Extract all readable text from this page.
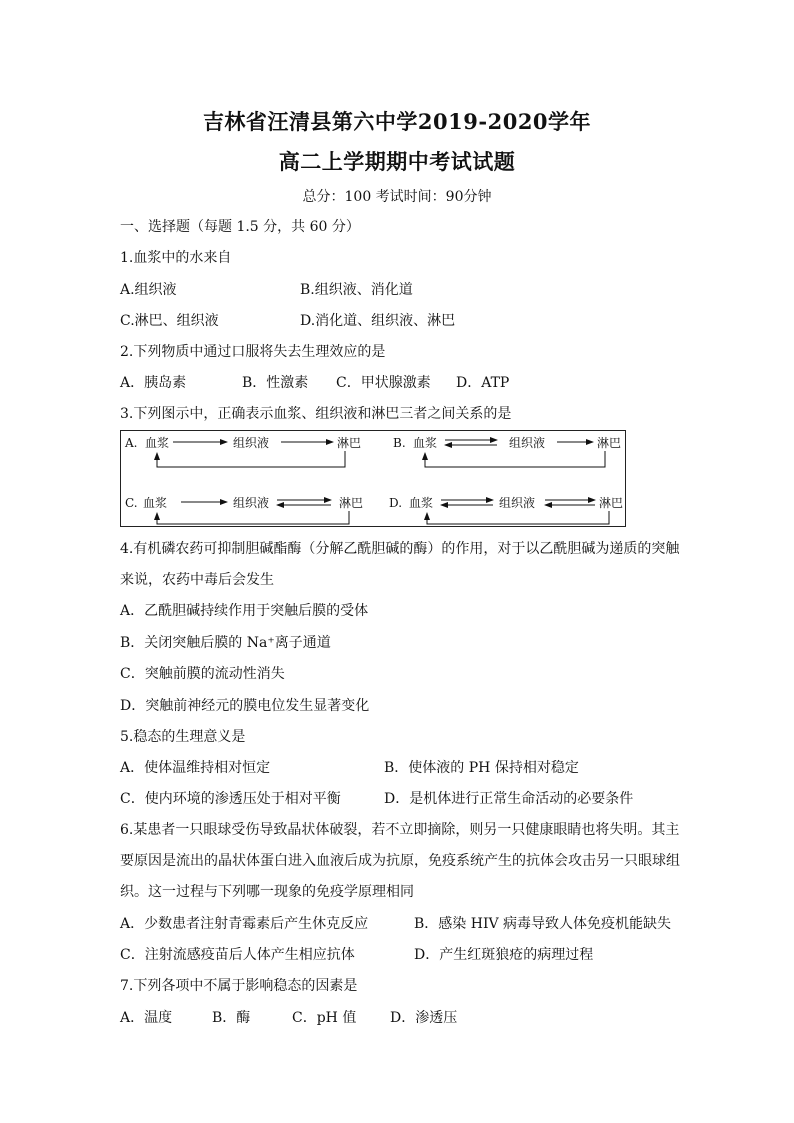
吉林省汪清县第六中学2019-2020学年
高二上学期期中考试试题
总分：100 考试时间：90分钟
一、选择题（每题 1.5 分，共 60 分）
1.血浆中的水来自
A.组织液	B.组织液、消化道
C.淋巴、组织液	D.消化道、组织液、淋巴
2.下列物质中通过口服将失去生理效应的是
A．胰岛素	B．性激素 C．甲状腺激素 D．ATP
3.下列图示中，正确表示血浆、组织液和淋巴三者之间关系的是
A. 血浆	组织液	淋巴	B. 血浆	组织液	淋巴
C. 血浆	组织液	淋巴 D. 血浆	组织液	淋巴
4.有机磷农药可抑制胆碱酯酶（分解乙酰胆碱的酶）的作用，对于以乙酰胆碱为递质的突触
来说，农药中毒后会发生
A．乙酰胆碱持续作用于突触后膜的受体
B．关闭突触后膜的 Na⁺离子通道
C．突触前膜的流动性消失
D．突触前神经元的膜电位发生显著变化
5.稳态的生理意义是
A．使体温维持相对恒定	B．使体液的 PH 保持相对稳定
C．使内环境的渗透压处于相对平衡	D．是机体进行正常生命活动的必要条件
6.某患者一只眼球受伤导致晶状体破裂，若不立即摘除，则另一只健康眼睛也将失明。其主
要原因是流出的晶状体蛋白进入血液后成为抗原，免疫系统产生的抗体会攻击另一只眼球组
织。这一过程与下列哪一现象的免疫学原理相同
A．少数患者注射青霉素后产生休克反应	B．感染 HIV 病毒导致人体免疫机能缺失
C．注射流感疫苗后人体产生相应抗体	D．产生红斑狼疮的病理过程
7.下列各项中不属于影响稳态的因素是
A．温度	B．酶	C．pH 值 D．渗透压
